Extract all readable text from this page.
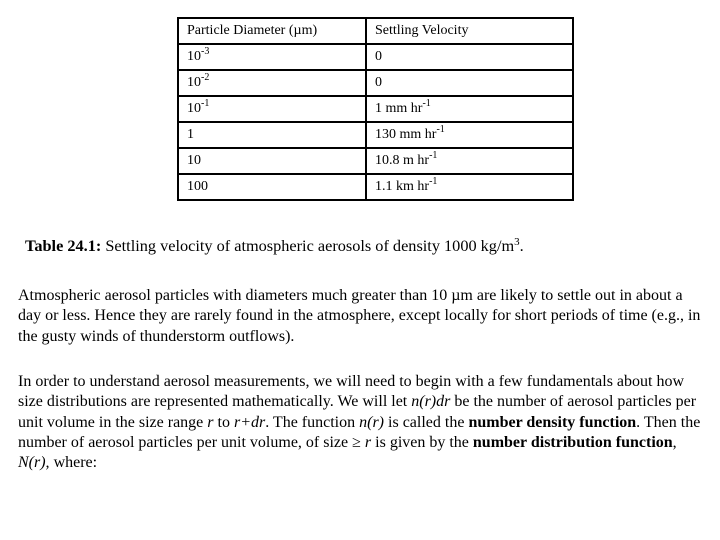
Particle Diameter (µm)	Settling Velocity
$10^{-3}$	0
$10^{-2}$	0
$10^{-1}$	1 mm $hr^{-1}$
1	130 mm $hr^{-1}$
10	10.8 m $hr^{-1}$
100	1.1 km $hr^{-1}$
Table 24.1: Settling velocity of atmospheric aerosols of density 1000 $kg/m^3$.

Atmospheric aerosol particles with diameters much greater than 10 µm are likely to settle out in about a day or less. Hence they are rarely found in the atmosphere, except locally for short periods of time (e.g., in the gusty winds of thunderstorm outflows).

In order to understand aerosol measurements, we will need to begin with a few fundamentals about how size distributions are represented mathematically. We will let n(r)dr be the number of aerosol particles per unit volume in the size range r to r+dr. The function n(r) is called the number density function. Then the number of aerosol particles per unit volume, of size ≥ r is given by the number distribution function, N(r), where:
